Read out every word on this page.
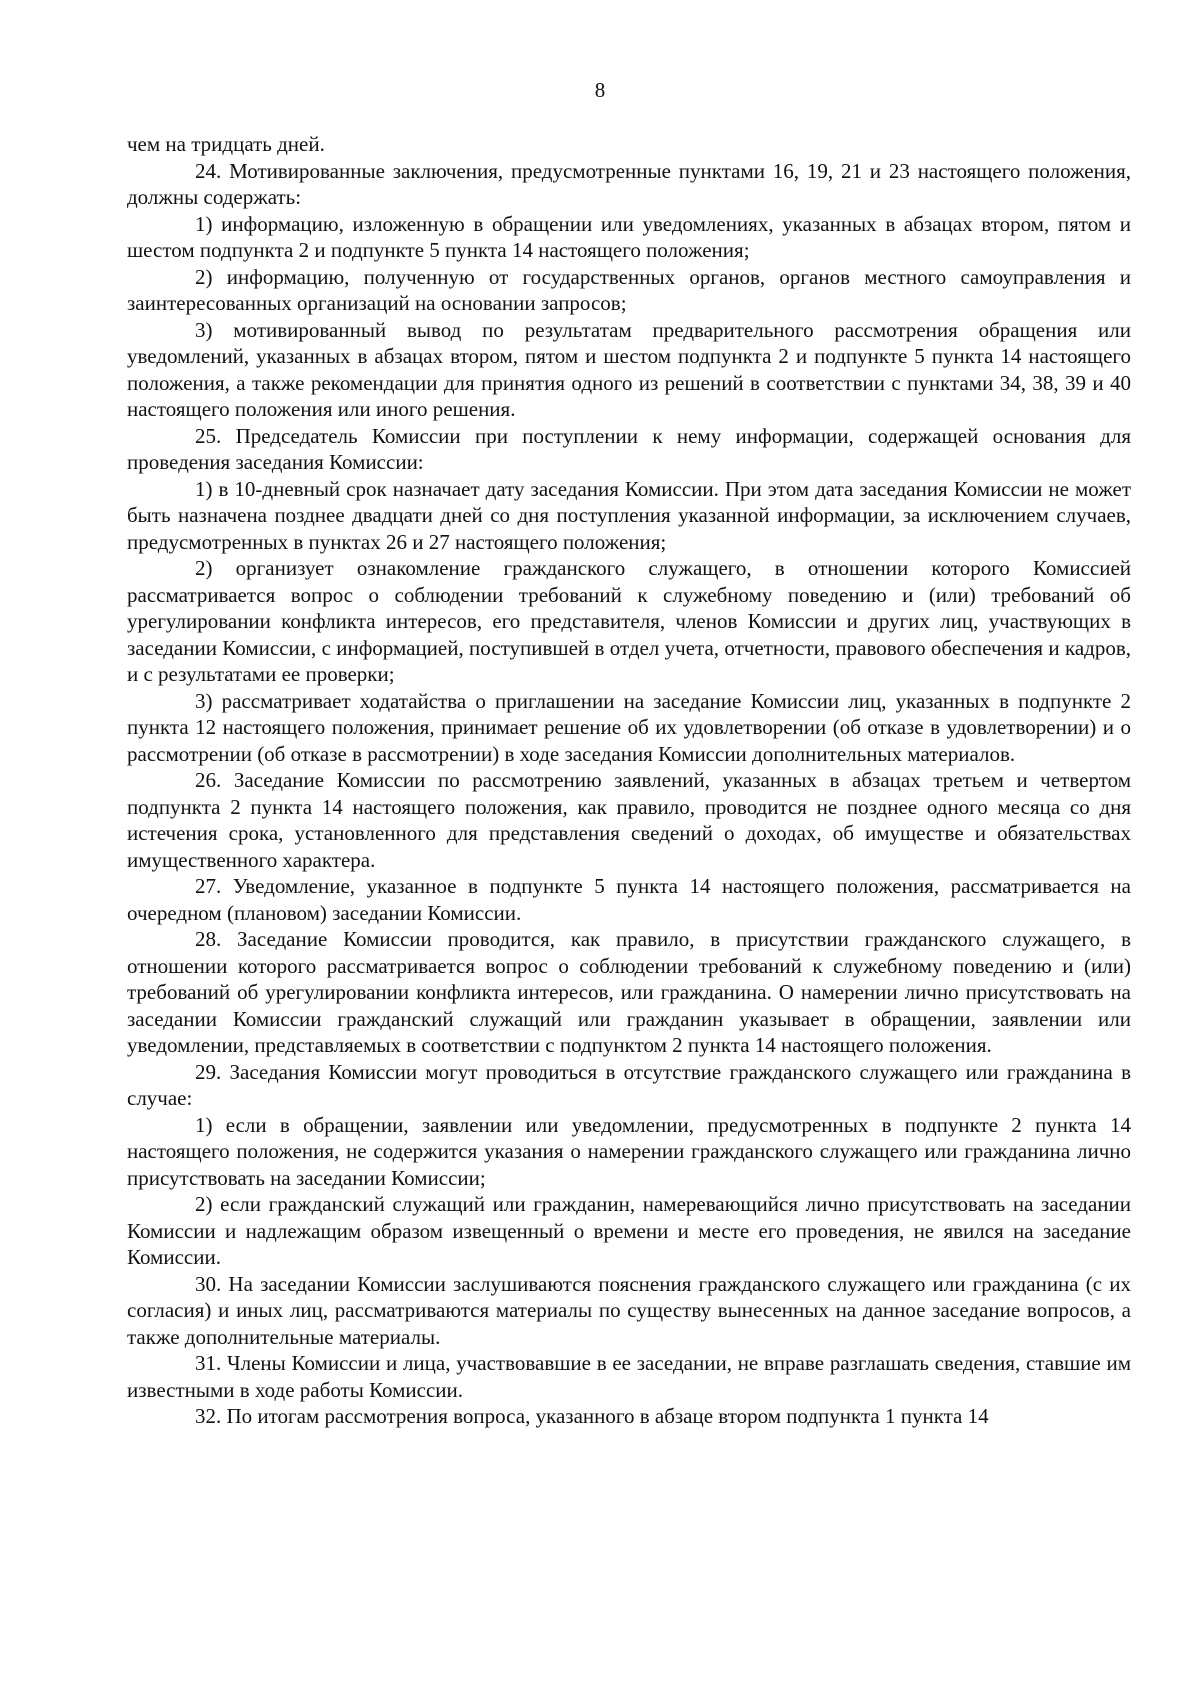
8

чем на тридцать дней.

24. Мотивированные заключения, предусмотренные пунктами 16, 19, 21 и 23 настоящего положения, должны содержать:

1) информацию, изложенную в обращении или уведомлениях, указанных в абзацах втором, пятом и шестом подпункта 2 и подпункте 5 пункта 14 настоящего положения;

2) информацию, полученную от государственных органов, органов местного самоуправления и заинтересованных организаций на основании запросов;

3) мотивированный вывод по результатам предварительного рассмотрения обращения или уведомлений, указанных в абзацах втором, пятом и шестом подпункта 2 и подпункте 5 пункта 14 настоящего положения, а также рекомендации для принятия одного из решений в соответствии с пунктами 34, 38, 39 и 40 настоящего положения или иного решения.

25. Председатель Комиссии при поступлении к нему информации, содержащей основания для проведения заседания Комиссии:

1) в 10-дневный срок назначает дату заседания Комиссии. При этом дата заседания Комиссии не может быть назначена позднее двадцати дней со дня поступления указанной информации, за исключением случаев, предусмотренных в пунктах 26 и 27 настоящего положения;

2) организует ознакомление гражданского служащего, в отношении которого Комиссией рассматривается вопрос о соблюдении требований к служебному поведению и (или) требований об урегулировании конфликта интересов, его представителя, членов Комиссии и других лиц, участвующих в заседании Комиссии, с информацией, поступившей в отдел учета, отчетности, правового обеспечения и кадров, и с результатами ее проверки;

3) рассматривает ходатайства о приглашении на заседание Комиссии лиц, указанных в подпункте 2 пункта 12 настоящего положения, принимает решение об их удовлетворении (об отказе в удовлетворении) и о рассмотрении (об отказе в рассмотрении) в ходе заседания Комиссии дополнительных материалов.

26. Заседание Комиссии по рассмотрению заявлений, указанных в абзацах третьем и четвертом подпункта 2 пункта 14 настоящего положения, как правило, проводится не позднее одного месяца со дня истечения срока, установленного для представления сведений о доходах, об имуществе и обязательствах имущественного характера.

27. Уведомление, указанное в подпункте 5 пункта 14 настоящего положения, рассматривается на очередном (плановом) заседании Комиссии.

28. Заседание Комиссии проводится, как правило, в присутствии гражданского служащего, в отношении которого рассматривается вопрос о соблюдении требований к служебному поведению и (или) требований об урегулировании конфликта интересов, или гражданина. О намерении лично присутствовать на заседании Комиссии гражданский служащий или гражданин указывает в обращении, заявлении или уведомлении, представляемых в соответствии с подпунктом 2 пункта 14 настоящего положения.

29. Заседания Комиссии могут проводиться в отсутствие гражданского служащего или гражданина в случае:

1) если в обращении, заявлении или уведомлении, предусмотренных в подпункте 2 пункта 14 настоящего положения, не содержится указания о намерении гражданского служащего или гражданина лично присутствовать на заседании Комиссии;

2) если гражданский служащий или гражданин, намеревающийся лично присутствовать на заседании Комиссии и надлежащим образом извещенный о времени и месте его проведения, не явился на заседание Комиссии.

30. На заседании Комиссии заслушиваются пояснения гражданского служащего или гражданина (с их согласия) и иных лиц, рассматриваются материалы по существу вынесенных на данное заседание вопросов, а также дополнительные материалы.

31. Члены Комиссии и лица, участвовавшие в ее заседании, не вправе разглашать сведения, ставшие им известными в ходе работы Комиссии.

32. По итогам рассмотрения вопроса, указанного в абзаце втором подпункта 1 пункта 14
